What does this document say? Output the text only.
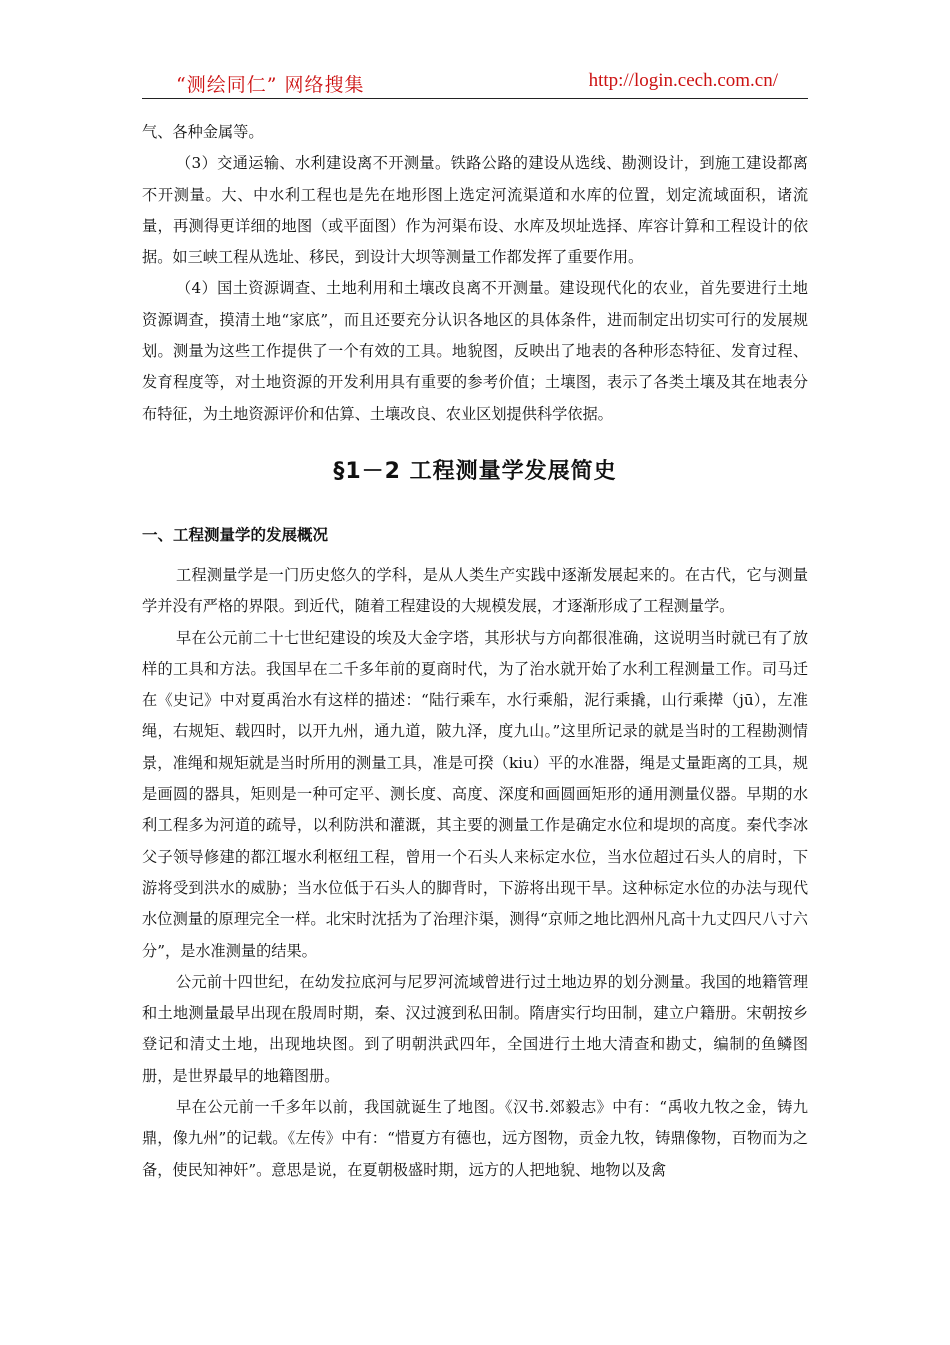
“测绘同仁” 网络搜集	http://login.cech.com.cn/

气、各种金属等。

（3）交通运输、水利建设离不开测量。铁路公路的建设从选线、勘测设计，到施工建设都离不开测量。大、中水利工程也是先在地形图上选定河流渠道和水库的位置，划定流域面积，诸流量，再测得更详细的地图（或平面图）作为河渠布设、水库及坝址选择、库容计算和工程设计的依据。如三峡工程从选址、移民，到设计大坝等测量工作都发挥了重要作用。

（4）国土资源调查、土地利用和土壤改良离不开测量。建设现代化的农业，首先要进行土地资源调查，摸清土地“家底”，而且还要充分认识各地区的具体条件，进而制定出切实可行的发展规划。测量为这些工作提供了一个有效的工具。地貌图，反映出了地表的各种形态特征、发育过程、发育程度等，对土地资源的开发利用具有重要的参考价值；土壤图，表示了各类土壤及其在地表分布特征，为土地资源评价和估算、土壤改良、农业区划提供科学依据。

§1－2 工程测量学发展简史
一、工程测量学的发展概况

工程测量学是一门历史悠久的学科，是从人类生产实践中逐渐发展起来的。在古代，它与测量学并没有严格的界限。到近代，随着工程建设的大规模发展，才逐渐形成了工程测量学。

早在公元前二十七世纪建设的埃及大金字塔，其形状与方向都很准确，这说明当时就已有了放样的工具和方法。我国早在二千多年前的夏商时代，为了治水就开始了水利工程测量工作。司马迁在《史记》中对夏禹治水有这样的描述：“陆行乘车，水行乘船，泥行乘撬，山行乘撵（jū），左准绳，右规矩、载四时，以开九州，通九道，陂九泽，度九山。”这里所记录的就是当时的工程勘测情景，准绳和规矩就是当时所用的测量工具，准是可揆（kiu）平的水准器，绳是丈量距离的工具，规是画圆的器具，矩则是一种可定平、测长度、高度、深度和画圆画矩形的通用测量仪器。早期的水利工程多为河道的疏导，以利防洪和灌溉，其主要的测量工作是确定水位和堤坝的高度。秦代李冰父子领导修建的都江堰水利枢纽工程，曾用一个石头人来标定水位，当水位超过石头人的肩时，下游将受到洪水的威胁；当水位低于石头人的脚背时，下游将出现干旱。这种标定水位的办法与现代水位测量的原理完全一样。北宋时沈括为了治理汴渠，测得“京师之地比泗州凡高十九丈四尺八寸六分”，是水准测量的结果。

公元前十四世纪，在幼发拉底河与尼罗河流域曾进行过土地边界的划分测量。我国的地籍管理和土地测量最早出现在殷周时期，秦、汉过渡到私田制。隋唐实行均田制，建立户籍册。宋朝按乡登记和清丈土地，出现地块图。到了明朝洪武四年，全国进行土地大清查和勘丈，编制的鱼鳞图册，是世界最早的地籍图册。

早在公元前一千多年以前，我国就诞生了地图。《汉书.郊毅志》中有：“禹收九牧之金，铸九鼎，像九州”的记载。《左传》中有：“惜夏方有德也，远方图物，贡金九牧，铸鼎像物，百物而为之备，使民知神奸”。意思是说，在夏朝极盛时期，远方的人把地貌、地物以及禽
